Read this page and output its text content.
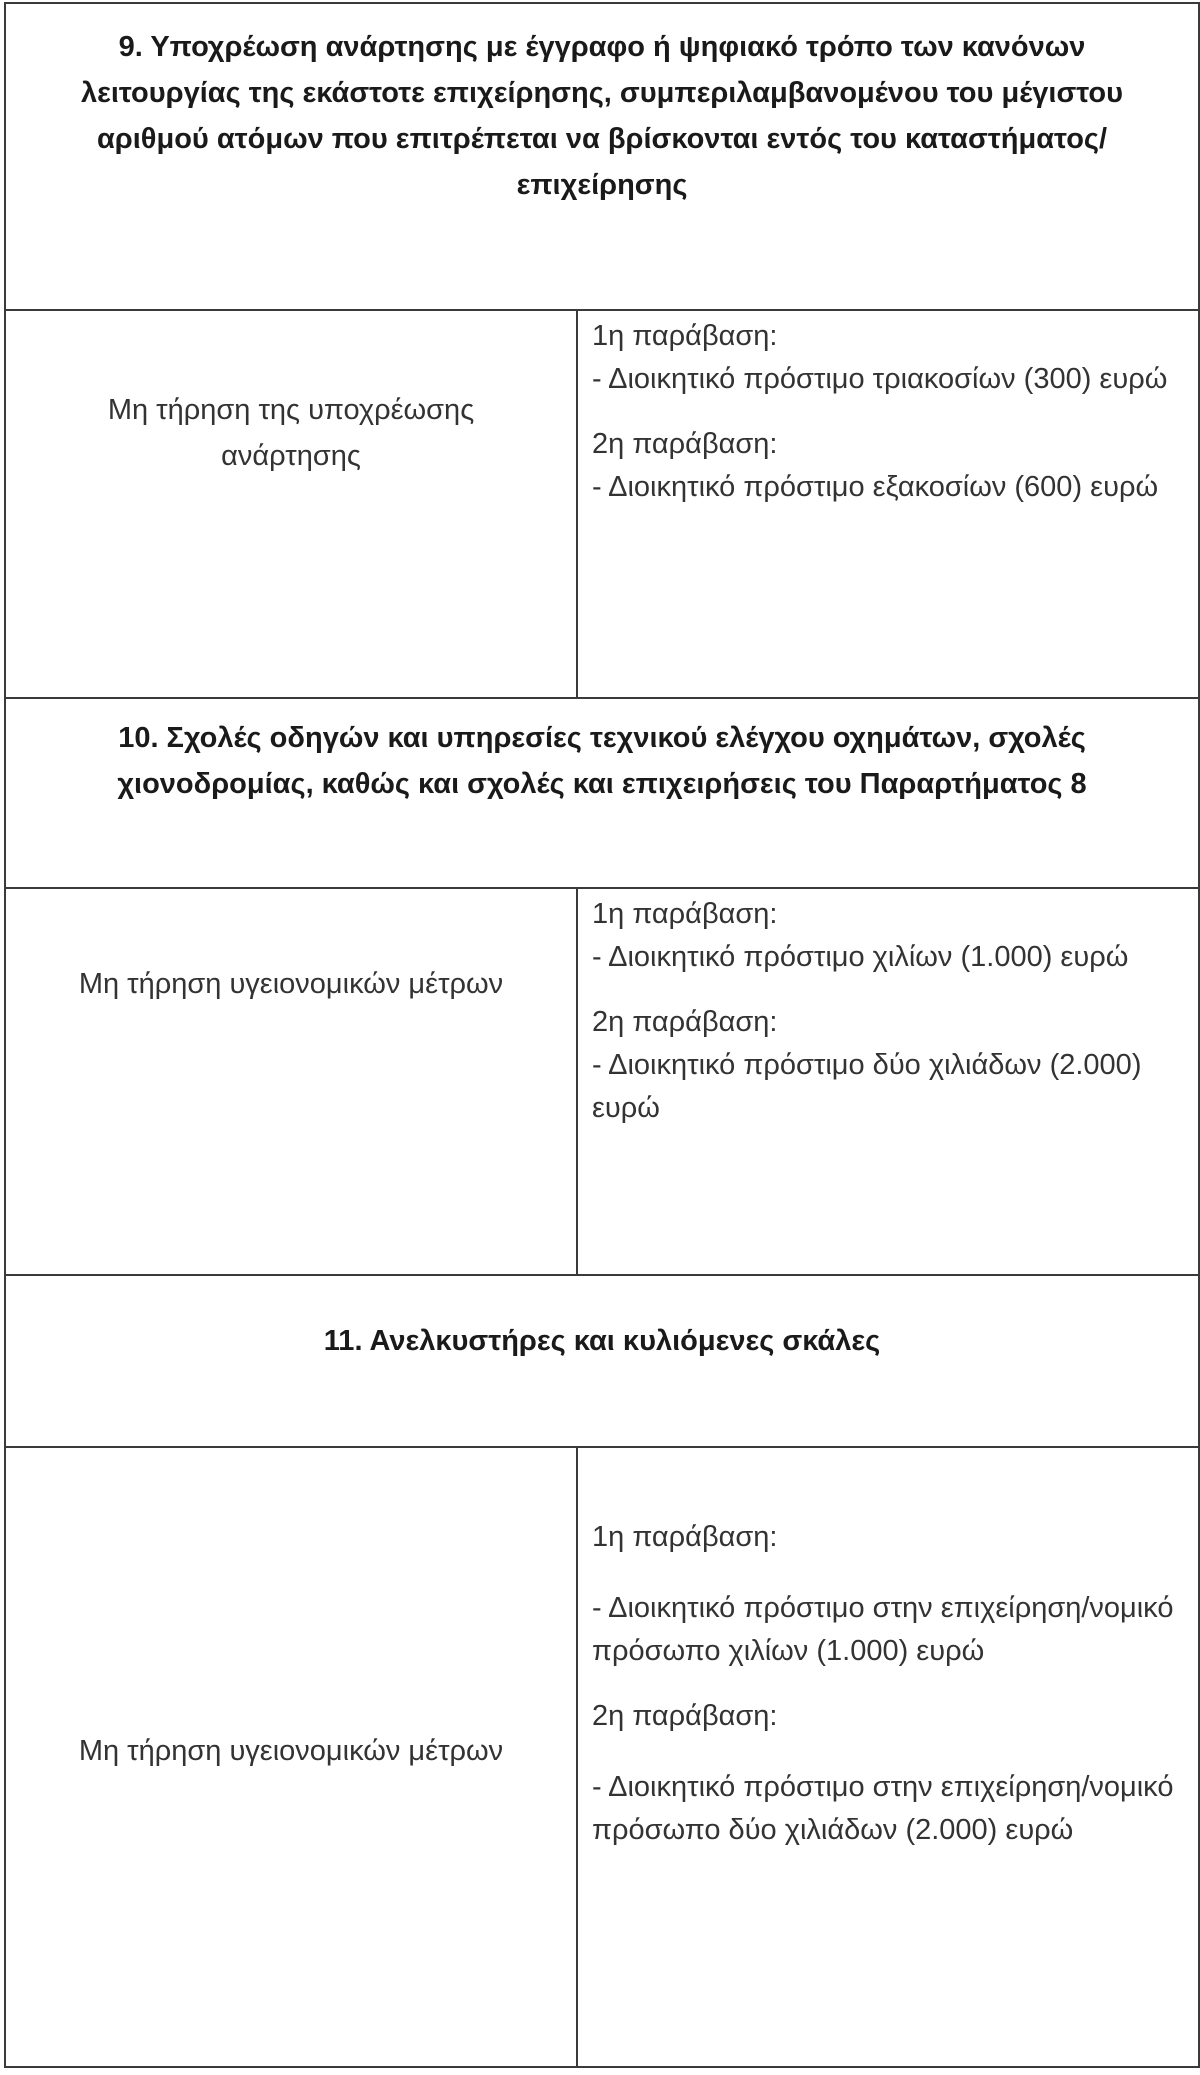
9. Υποχρέωση ανάρτησης με έγγραφο ή ψηφιακό τρόπο των κανόνων λειτουργίας της εκάστοτε επιχείρησης, συμπεριλαμβανομένου του μέγιστου αριθμού ατόμων που επιτρέπεται να βρίσκονται εντός του καταστήματος/επιχείρησης	

Μη τήρηση της υποχρέωσης ανάρτησης	1η παράβαση:

- Διοικητικό πρόστιμο τριακοσίων (300) ευρώ

2η παράβαση:

- Διοικητικό πρόστιμο εξακοσίων (600) ευρώ

10. Σχολές οδηγών και υπηρεσίες τεχνικού ελέγχου οχημάτων, σχολές χιονοδρομίας, καθώς και σχολές και επιχειρήσεις του Παραρτήματος 8	

Μη τήρηση υγειονομικών μέτρων	1η παράβαση:

- Διοικητικό πρόστιμο χιλίων (1.000) ευρώ

2η παράβαση:

- Διοικητικό πρόστιμο δύο χιλιάδων (2.000) ευρώ

11. Ανελκυστήρες και κυλιόμενες σκάλες	

Μη τήρηση υγειονομικών μέτρων	1η παράβαση:

- Διοικητικό πρόστιμο στην επιχείρηση/νομικό πρόσωπο χιλίων (1.000) ευρώ

2η παράβαση:

- Διοικητικό πρόστιμο στην επιχείρηση/νομικό πρόσωπο δύο χιλιάδων (2.000) ευρώ
